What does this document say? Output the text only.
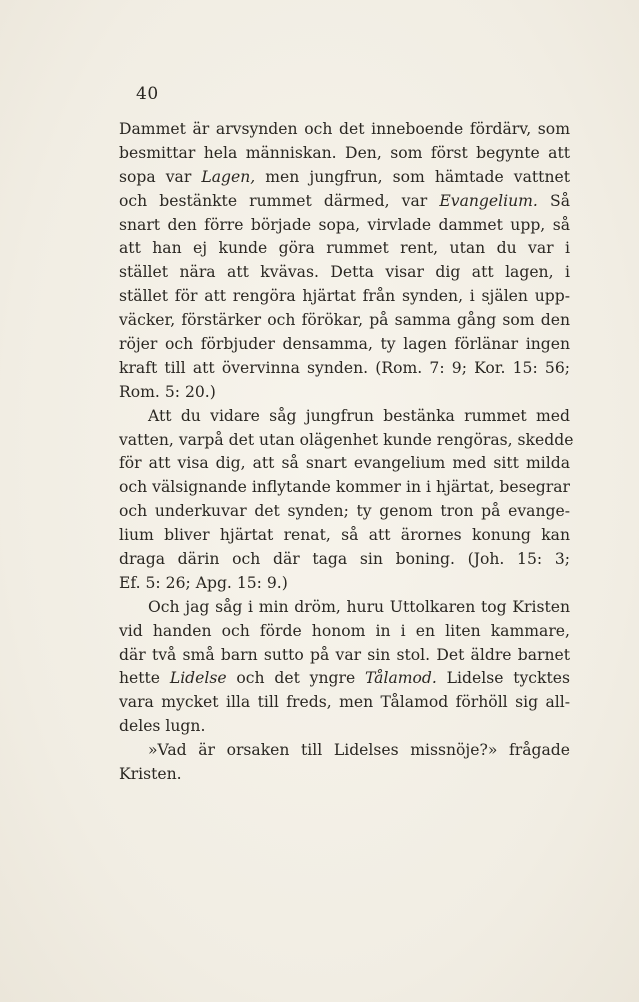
40
Dammet är arvsynden och det inneboende fördärv, som
besmittar hela människan. Den, som först begynte att
sopa var Lagen, men jungfrun, som hämtade vattnet
och bestänkte rummet därmed, var Evangelium. Så
snart den förre började sopa, virvlade dammet upp, så
att han ej kunde göra rummet rent, utan du var i
stället nära att kvävas. Detta visar dig att lagen, i
stället för att rengöra hjärtat från synden, i själen upp-
väcker, förstärker och förökar, på samma gång som den
röjer och förbjuder densamma, ty lagen förlänar ingen
kraft till att övervinna synden. (Rom. 7: 9; Kor. 15: 56;
Rom. 5: 20.)
Att du vidare såg jungfrun bestänka rummet med
vatten, varpå det utan olägenhet kunde rengöras, skedde
för att visa dig, att så snart evangelium med sitt milda
och välsignande inflytande kommer in i hjärtat, besegrar
och underkuvar det synden; ty genom tron på evange-
lium bliver hjärtat renat, så att ärornes konung kan
draga därin och där taga sin boning. (Joh. 15: 3;
Ef. 5: 26; Apg. 15: 9.)
Och jag såg i min dröm, huru Uttolkaren tog Kristen
vid handen och förde honom in i en liten kammare,
där två små barn sutto på var sin stol. Det äldre barnet
hette Lidelse och det yngre Tålamod. Lidelse tycktes
vara mycket illa till freds, men Tålamod förhöll sig all-
deles lugn.
»Vad är orsaken till Lidelses missnöje?» frågade
Kristen.
